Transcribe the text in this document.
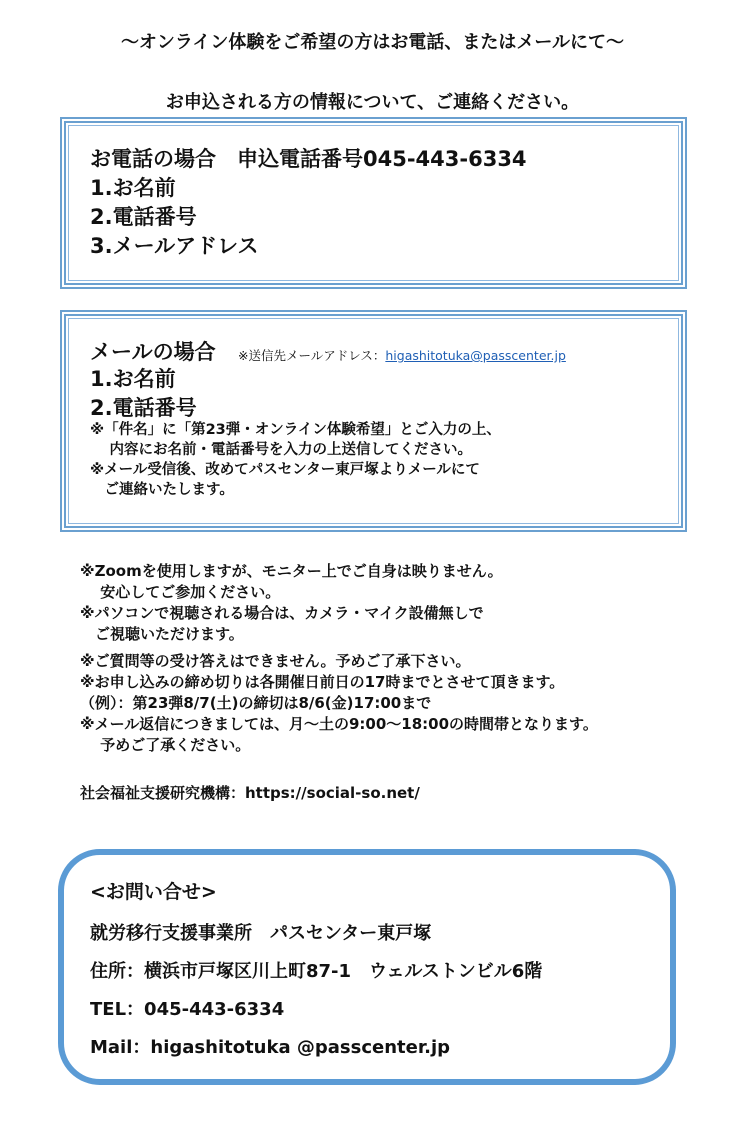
～オンライン体験をご希望の方はお電話、またはメールにて～
お申込される方の情報について、ご連絡ください。
お電話の場合　申込電話番号045-443-6334
1.お名前
2.電話番号
3.メールアドレス
メールの場合 ※送信先メールアドレス：higashitotuka@passcenter.jp
1.お名前
2.電話番号
※「件名」に「第23弾・オンライン体験希望」とご入力の上、
　 内容にお名前・電話番号を入力の上送信してください。
※メール受信後、改めてパスセンター東戸塚よりメールにて
　ご連絡いたします。
※Zoomを使用しますが、モニター上でご自身は映りません。
　 安心してご参加ください。
※パソコンで視聴される場合は、カメラ・マイク設備無しで
　ご視聴いただけます。
※ご質問等の受け答えはできません。予めご了承下さい。
※お申し込みの締め切りは各開催日前日の17時までとさせて頂きます。
（例）：第23弾8/7(土)の締切は8/6(金)17:00まで
※メール返信につきましては、月～土の9:00～18:00の時間帯となります。
　 予めご了承ください。
社会福祉支援研究機構：https://social-so.net/
<お問い合せ>
就労移行支援事業所　パスセンター東戸塚
住所：横浜市戸塚区川上町87-1　ウェルストンビル6階
TEL：045-443-6334
Mail：higashitotuka @passcenter.jp
